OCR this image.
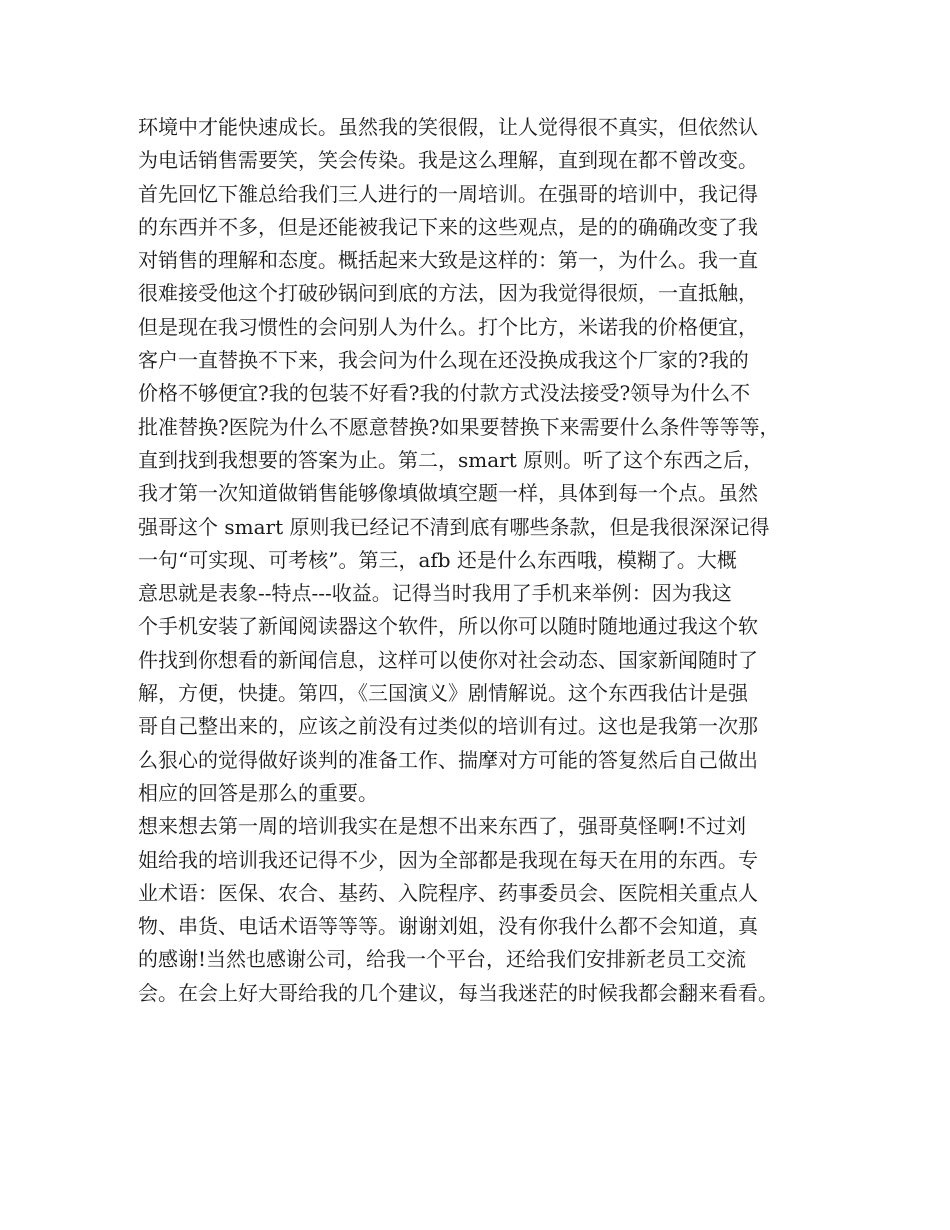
环境中才能快速成长。虽然我的笑很假，让人觉得很不真实，但依然认
为电话销售需要笑，笑会传染。我是这么理解，直到现在都不曾改变。
首先回忆下雒总给我们三人进行的一周培训。在强哥的培训中，我记得
的东西并不多，但是还能被我记下来的这些观点，是的的确确改变了我
对销售的理解和态度。概括起来大致是这样的：第一，为什么。我一直
很难接受他这个打破砂锅问到底的方法，因为我觉得很烦，一直抵触，
但是现在我习惯性的会问别人为什么。打个比方，米诺我的价格便宜，
客户一直替换不下来，我会问为什么现在还没换成我这个厂家的?我的
价格不够便宜?我的包装不好看?我的付款方式没法接受?领导为什么不
批准替换?医院为什么不愿意替换?如果要替换下来需要什么条件等等等，
直到找到我想要的答案为止。第二，smart 原则。听了这个东西之后，
我才第一次知道做销售能够像填做填空题一样，具体到每一个点。虽然
强哥这个 smart 原则我已经记不清到底有哪些条款，但是我很深深记得
一句“可实现、可考核”。第三，afb 还是什么东西哦，模糊了。大概
意思就是表象--特点---收益。记得当时我用了手机来举例：因为我这
个手机安装了新闻阅读器这个软件，所以你可以随时随地通过我这个软
件找到你想看的新闻信息，这样可以使你对社会动态、国家新闻随时了
解，方便，快捷。第四，《三国演义》剧情解说。这个东西我估计是强
哥自己整出来的，应该之前没有过类似的培训有过。这也是我第一次那
么狠心的觉得做好谈判的准备工作、揣摩对方可能的答复然后自己做出
相应的回答是那么的重要。
想来想去第一周的培训我实在是想不出来东西了，强哥莫怪啊!不过刘
姐给我的培训我还记得不少，因为全部都是我现在每天在用的东西。专
业术语：医保、农合、基药、入院程序、药事委员会、医院相关重点人
物、串货、电话术语等等等。谢谢刘姐，没有你我什么都不会知道，真
的感谢!当然也感谢公司，给我一个平台，还给我们安排新老员工交流
会。在会上好大哥给我的几个建议，每当我迷茫的时候我都会翻来看看。
